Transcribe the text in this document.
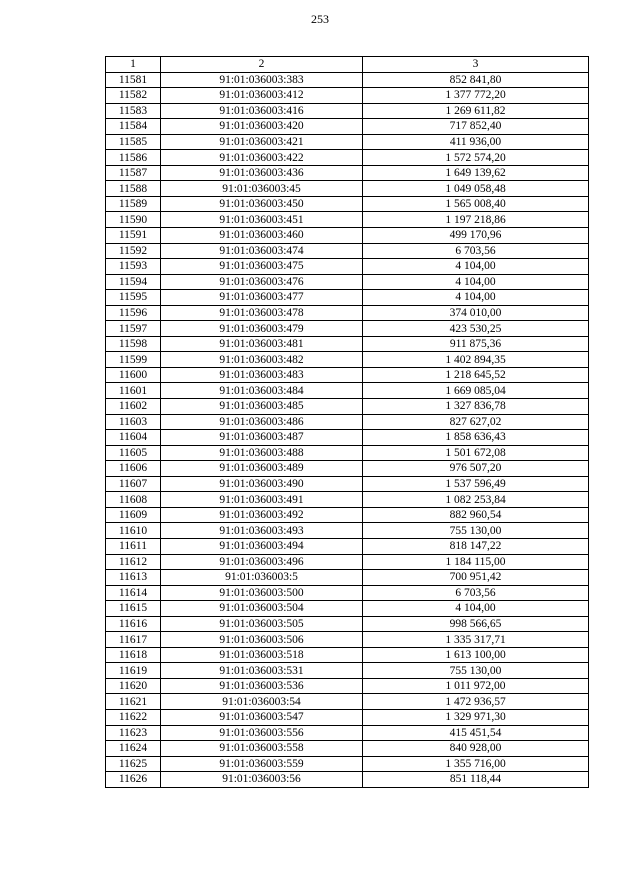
253
1	2	3
11581	91:01:036003:383	852 841,80
11582	91:01:036003:412	1 377 772,20
11583	91:01:036003:416	1 269 611,82
11584	91:01:036003:420	717 852,40
11585	91:01:036003:421	411 936,00
11586	91:01:036003:422	1 572 574,20
11587	91:01:036003:436	1 649 139,62
11588	91:01:036003:45	1 049 058,48
11589	91:01:036003:450	1 565 008,40
11590	91:01:036003:451	1 197 218,86
11591	91:01:036003:460	499 170,96
11592	91:01:036003:474	6 703,56
11593	91:01:036003:475	4 104,00
11594	91:01:036003:476	4 104,00
11595	91:01:036003:477	4 104,00
11596	91:01:036003:478	374 010,00
11597	91:01:036003:479	423 530,25
11598	91:01:036003:481	911 875,36
11599	91:01:036003:482	1 402 894,35
11600	91:01:036003:483	1 218 645,52
11601	91:01:036003:484	1 669 085,04
11602	91:01:036003:485	1 327 836,78
11603	91:01:036003:486	827 627,02
11604	91:01:036003:487	1 858 636,43
11605	91:01:036003:488	1 501 672,08
11606	91:01:036003:489	976 507,20
11607	91:01:036003:490	1 537 596,49
11608	91:01:036003:491	1 082 253,84
11609	91:01:036003:492	882 960,54
11610	91:01:036003:493	755 130,00
11611	91:01:036003:494	818 147,22
11612	91:01:036003:496	1 184 115,00
11613	91:01:036003:5	700 951,42
11614	91:01:036003:500	6 703,56
11615	91:01:036003:504	4 104,00
11616	91:01:036003:505	998 566,65
11617	91:01:036003:506	1 335 317,71
11618	91:01:036003:518	1 613 100,00
11619	91:01:036003:531	755 130,00
11620	91:01:036003:536	1 011 972,00
11621	91:01:036003:54	1 472 936,57
11622	91:01:036003:547	1 329 971,30
11623	91:01:036003:556	415 451,54
11624	91:01:036003:558	840 928,00
11625	91:01:036003:559	1 355 716,00
11626	91:01:036003:56	851 118,44
